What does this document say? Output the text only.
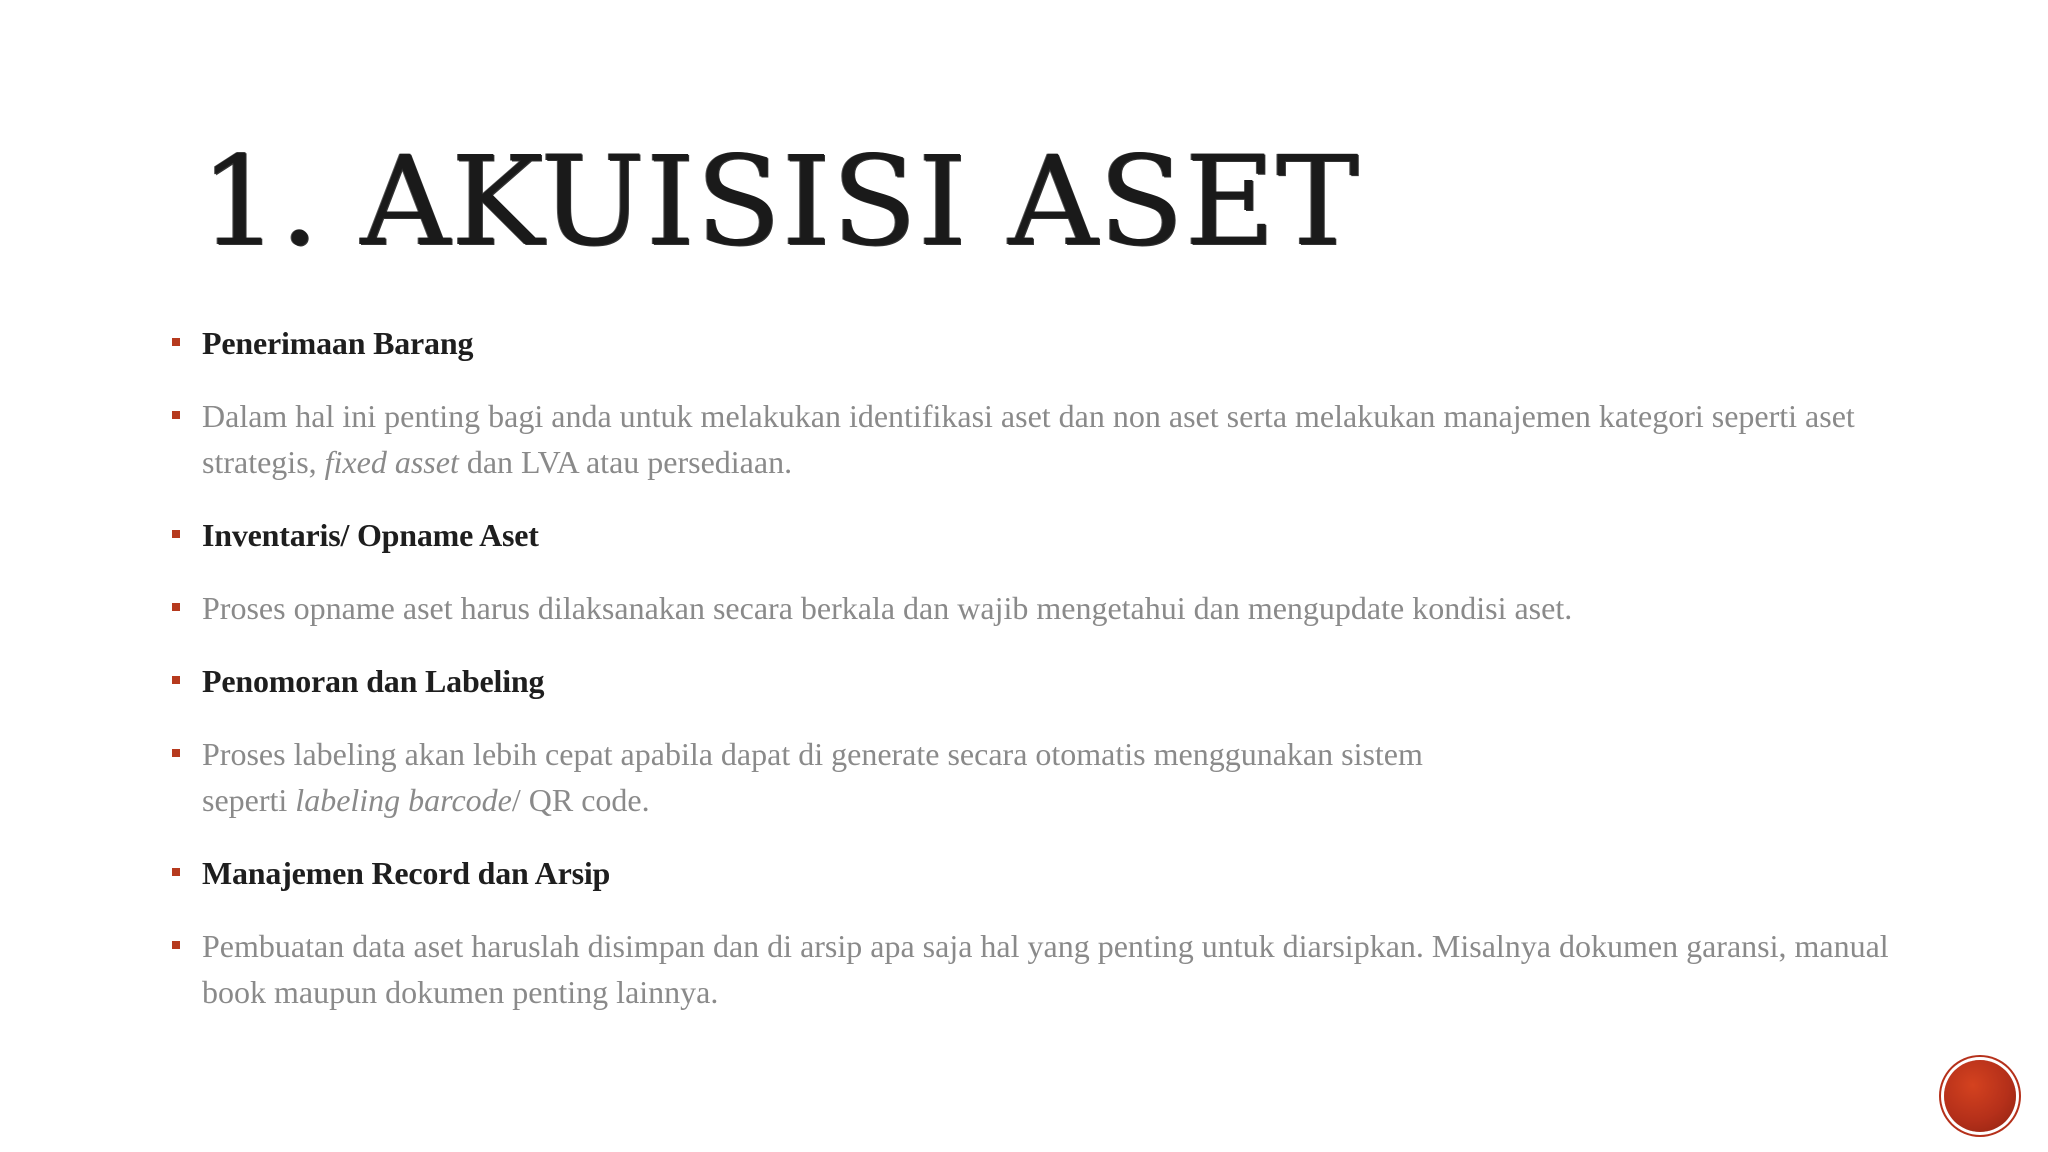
1. AKUISISI ASET
Penerimaan Barang
Dalam hal ini penting bagi anda untuk melakukan identifikasi aset dan non aset serta melakukan manajemen kategori seperti aset strategis, fixed asset dan LVA atau persediaan.
Inventaris/ Opname Aset
Proses opname aset harus dilaksanakan secara berkala dan wajib mengetahui dan mengupdate kondisi aset.
Penomoran dan Labeling
Proses labeling akan lebih cepat apabila dapat di generate secara otomatis menggunakan sistem
seperti labeling barcode/ QR code.
Manajemen Record dan Arsip
Pembuatan data aset haruslah disimpan dan di arsip apa saja hal yang penting untuk diarsipkan. Misalnya dokumen garansi, manual book maupun dokumen penting lainnya.
